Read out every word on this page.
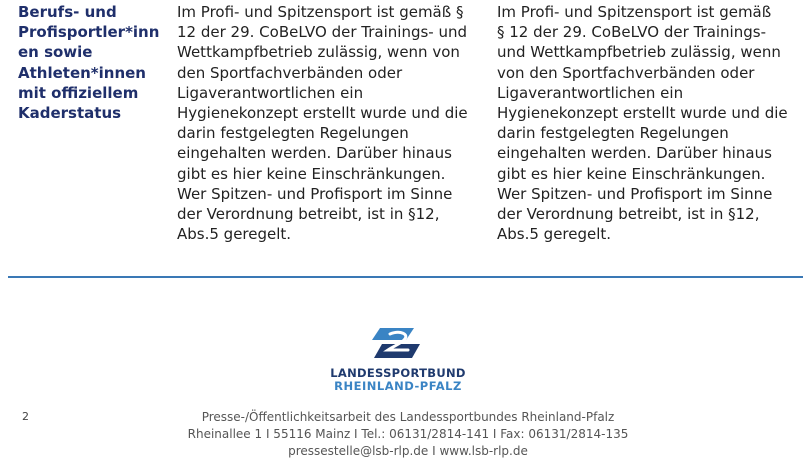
Berufs- und
Profisportler*inn
en sowie
Athleten*innen
mit offiziellem
Kaderstatus
Im Profi- und Spitzensport ist gemäß §
12 der 29. CoBeLVO der Trainings- und
Wettkampfbetrieb zulässig, wenn von
den Sportfachverbänden oder
Ligaverantwortlichen ein
Hygienekonzept erstellt wurde und die
darin festgelegten Regelungen
eingehalten werden. Darüber hinaus
gibt es hier keine Einschränkungen.
Wer Spitzen- und Profisport im Sinne
der Verordnung betreibt, ist in §12,
Abs.5 geregelt.
Im Profi- und Spitzensport ist gemäß
§ 12 der 29. CoBeLVO der Trainings-
und Wettkampfbetrieb zulässig, wenn
von den Sportfachverbänden oder
Ligaverantwortlichen ein
Hygienekonzept erstellt wurde und die
darin festgelegten Regelungen
eingehalten werden. Darüber hinaus
gibt es hier keine Einschränkungen.
Wer Spitzen- und Profisport im Sinne
der Verordnung betreibt, ist in §12,
Abs.5 geregelt.
LANDESSPORTBUND
RHEINLAND-PFALZ
2	Presse-/Öffentlichkeitsarbeit des Landessportbundes Rheinland-Pfalz
Rheinallee 1 I 55116 Mainz I Tel.: 06131/2814-141 I Fax: 06131/2814-135
pressestelle@lsb-rlp.de I www.lsb-rlp.de
